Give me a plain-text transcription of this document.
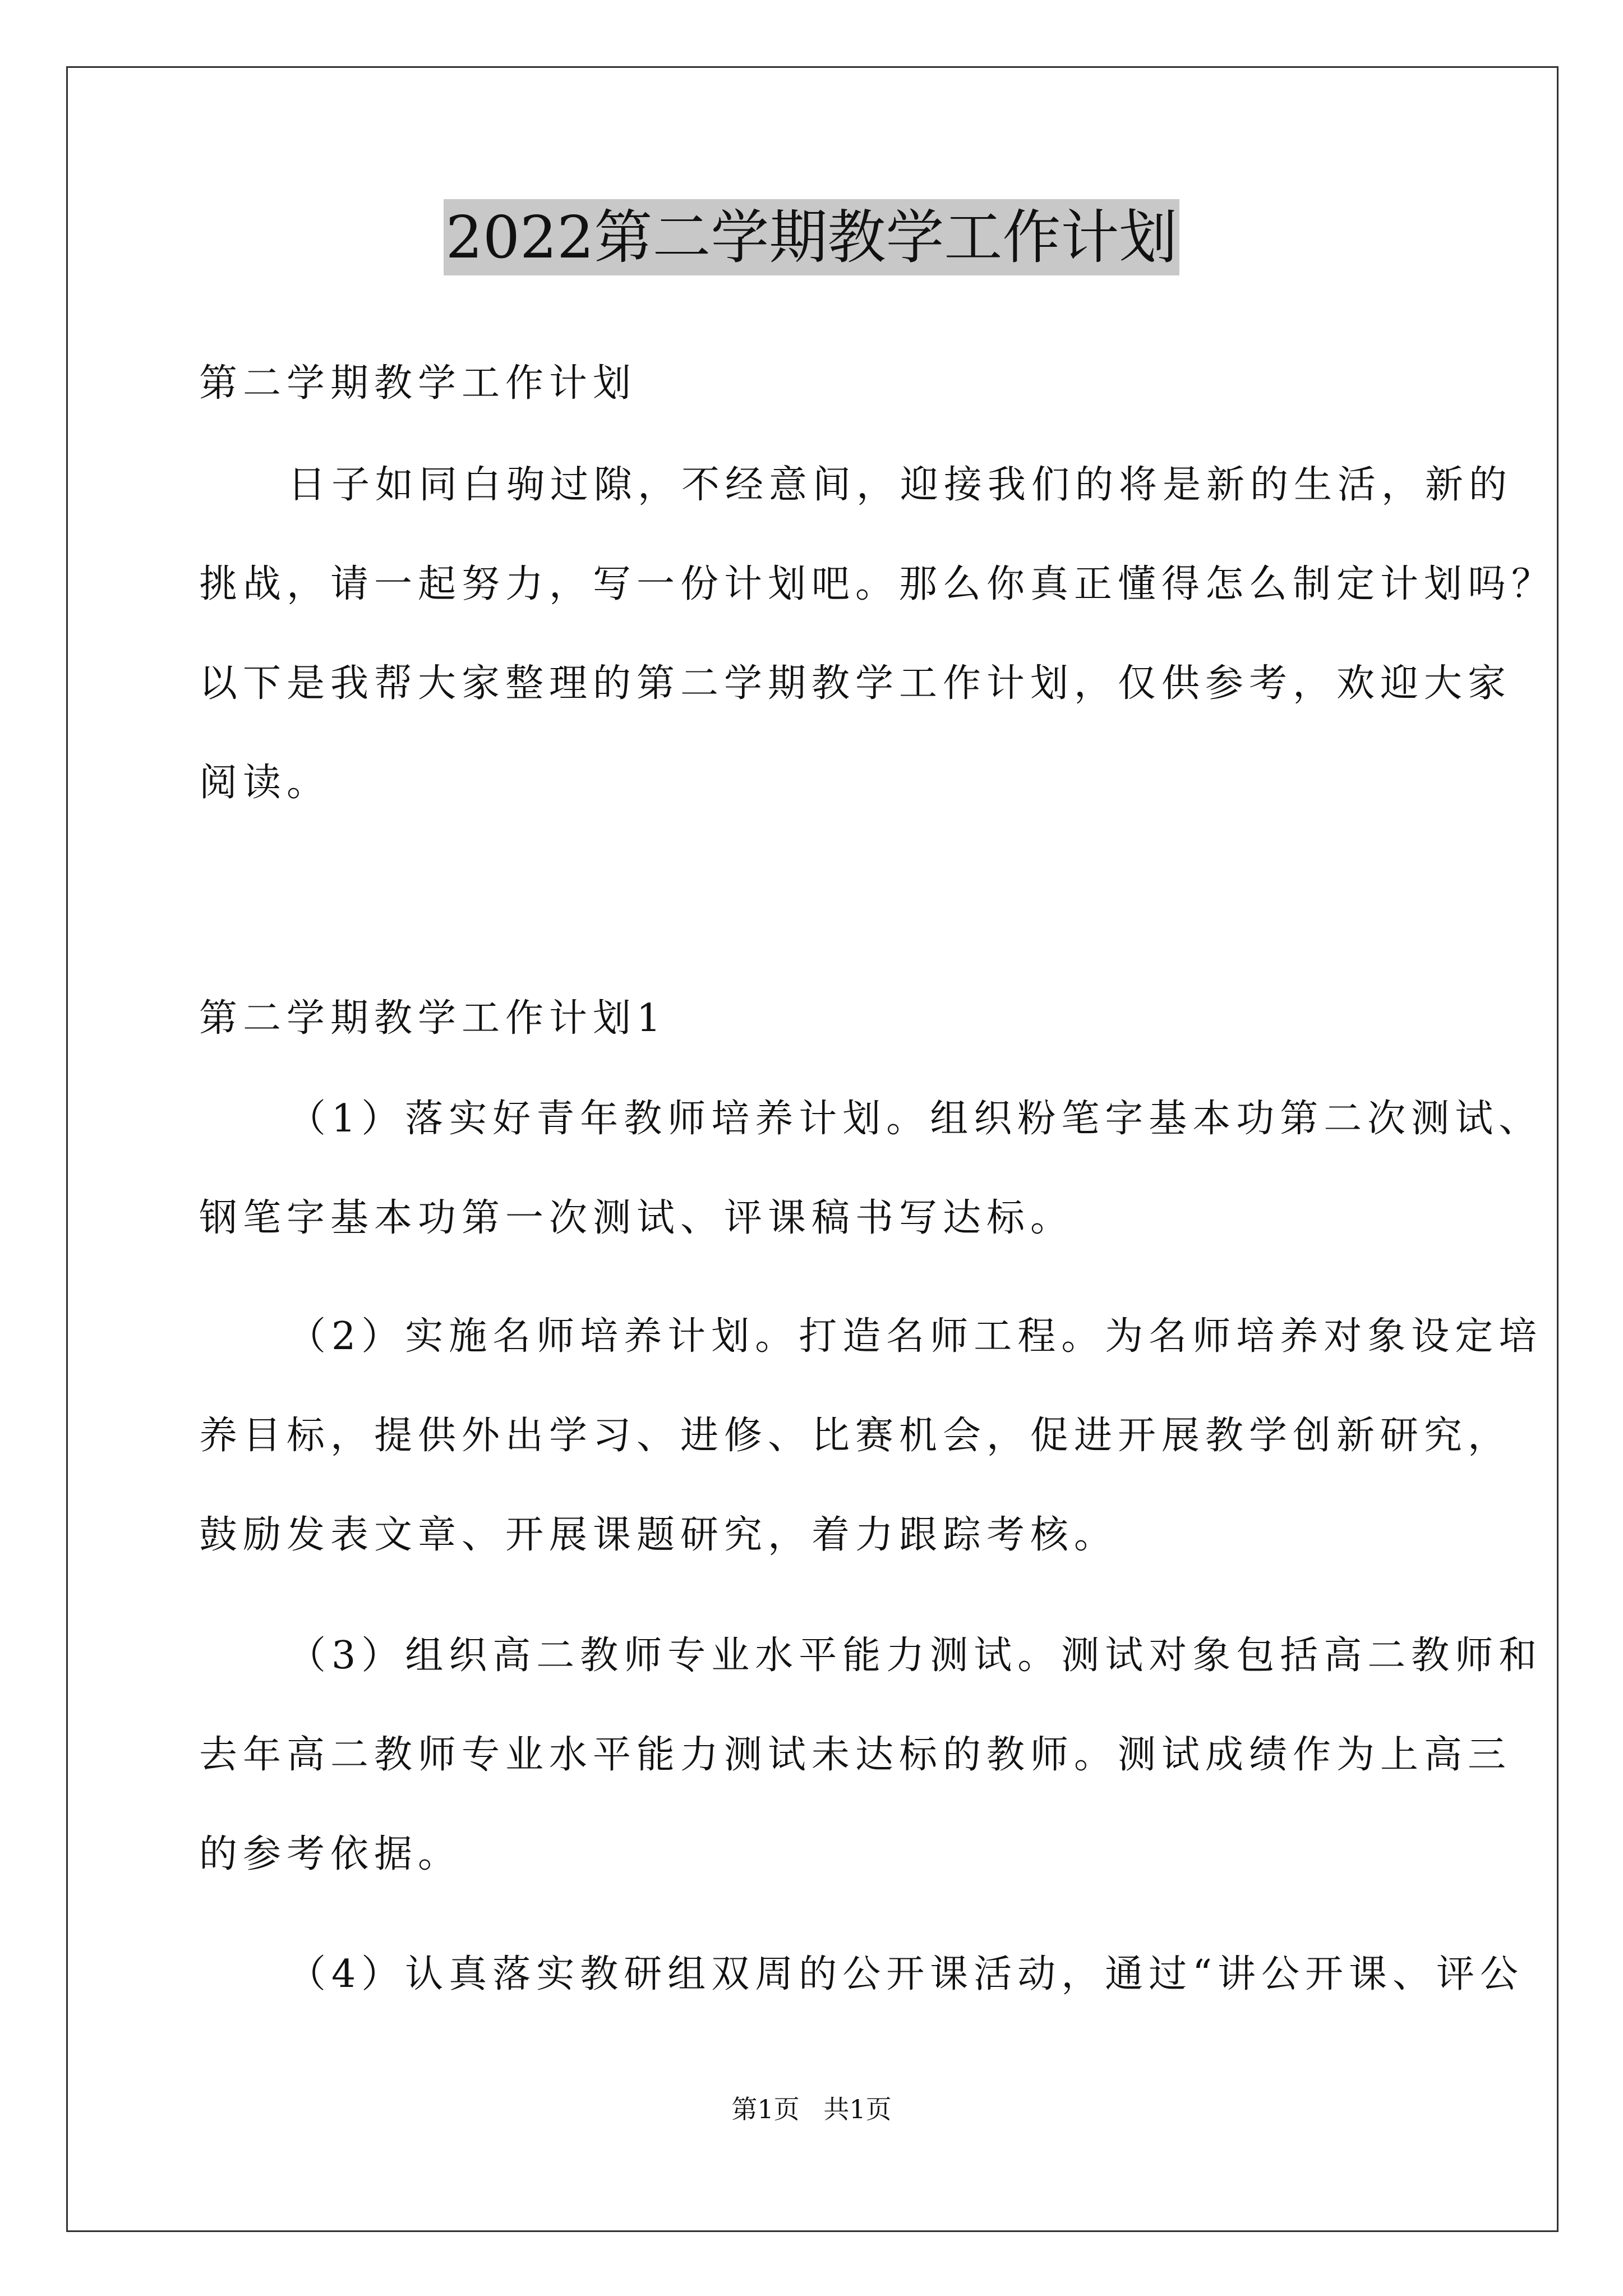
2022第二学期教学工作计划
第二学期教学工作计划
日子如同白驹过隙，不经意间，迎接我们的将是新的生活，新的
挑战，请一起努力，写一份计划吧。那么你真正懂得怎么制定计划吗？
以下是我帮大家整理的第二学期教学工作计划，仅供参考，欢迎大家
阅读。
第二学期教学工作计划1
（1）落实好青年教师培养计划。组织粉笔字基本功第二次测试、
钢笔字基本功第一次测试、评课稿书写达标。
（2）实施名师培养计划。打造名师工程。为名师培养对象设定培
养目标，提供外出学习、进修、比赛机会，促进开展教学创新研究，
鼓励发表文章、开展课题研究，着力跟踪考核。
（3）组织高二教师专业水平能力测试。测试对象包括高二教师和
去年高二教师专业水平能力测试未达标的教师。测试成绩作为上高三
的参考依据。
（4）认真落实教研组双周的公开课活动，通过“讲公开课、评公
第1页 共1页
